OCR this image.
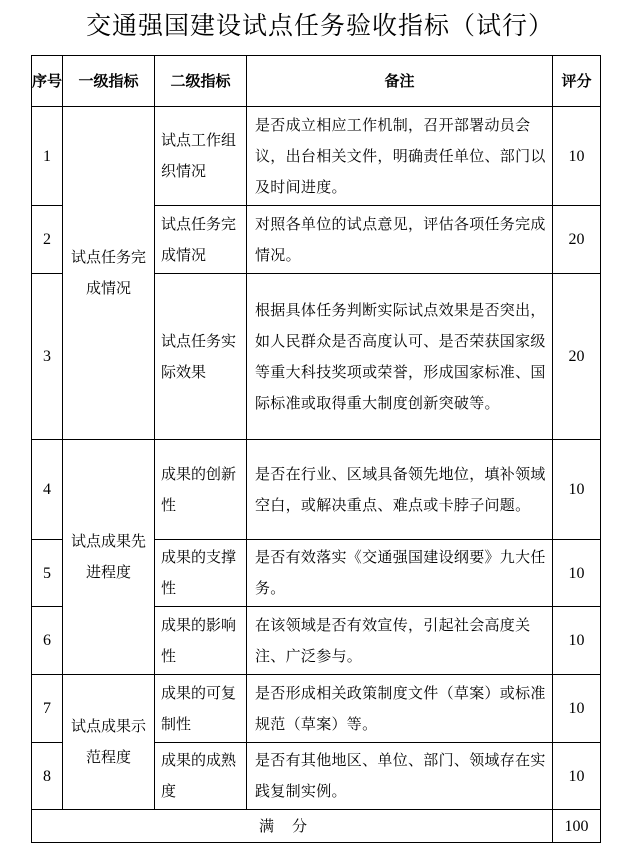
交通强国建设试点任务验收指标（试行）
序号	一级指标	二级指标	备注	评分
1	试点任务完成情况	试点工作组织情况	是否成立相应工作机制，召开部署动员会议，出台相关文件，明确责任单位、部门以及时间进度。	10
2		试点任务完成情况	对照各单位的试点意见，评估各项任务完成情况。	20
3		试点任务实际效果	根据具体任务判断实际试点效果是否突出，如人民群众是否高度认可、是否荣获国家级等重大科技奖项或荣誉，形成国家标准、国际标准或取得重大制度创新突破等。	20
4	试点成果先进程度	成果的创新性	是否在行业、区域具备领先地位，填补领域空白，或解决重点、难点或卡脖子问题。	10
5		成果的支撑性	是否有效落实《交通强国建设纲要》九大任务。	10
6		成果的影响性	在该领域是否有效宣传，引起社会高度关注、广泛参与。	10
7	试点成果示范程度	成果的可复制性	是否形成相关政策制度文件（草案）或标准规范（草案）等。	10
8		成果的成熟度	是否有其他地区、单位、部门、领域存在实践复制实例。	10
满分				100
